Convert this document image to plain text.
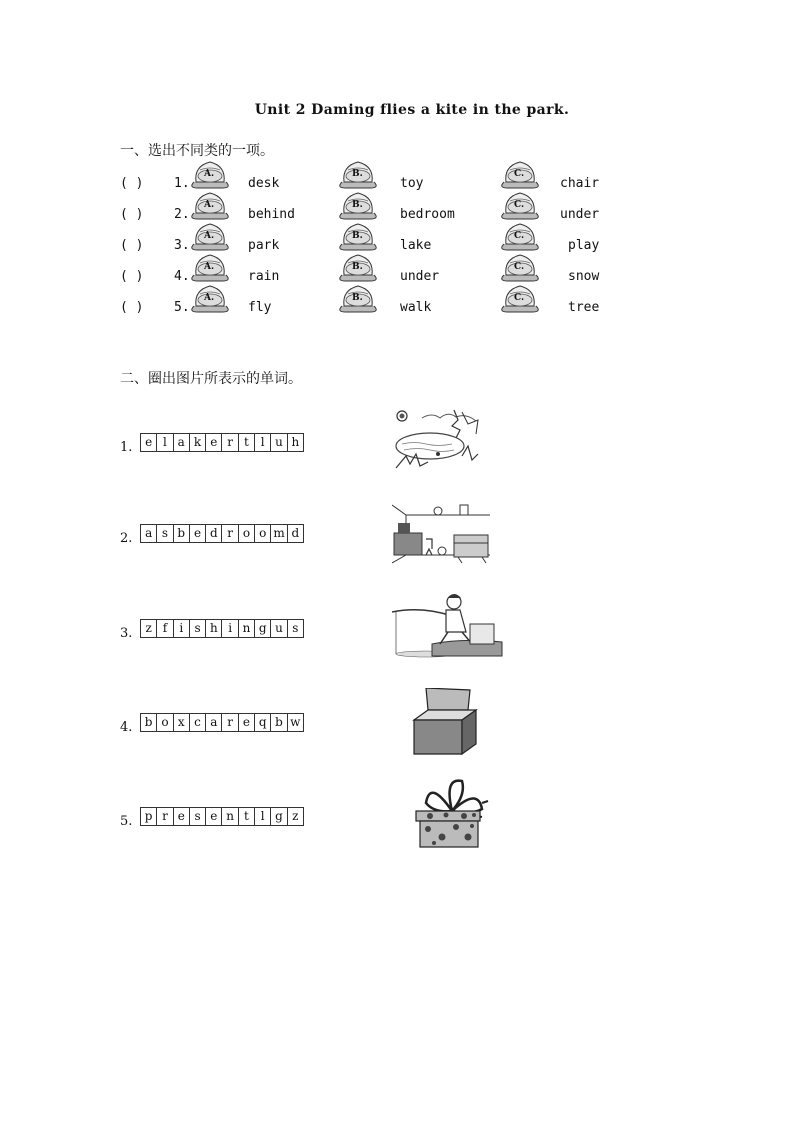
Unit 2 Daming flies a kite in the park.
一、选出不同类的一项。
( )	1.
A.
desk
B.
toy
C.
chair
( )	2.
A.
behind
B.
bedroom
C.
under
( )	3.
A.
park
B.
lake
C.
play
( )	4.
A.
rain
B.
under
C.
snow
( )	5.
A.
fly
B.
walk
C.
tree
二、圈出图片所表示的单词。
1.	e l a k e r t l u h
2.	a s b e d r o o m d
3.	z f	i s h i n g u s
4.	b o x c a r e q b w
5.	p r e s e n t l g z
